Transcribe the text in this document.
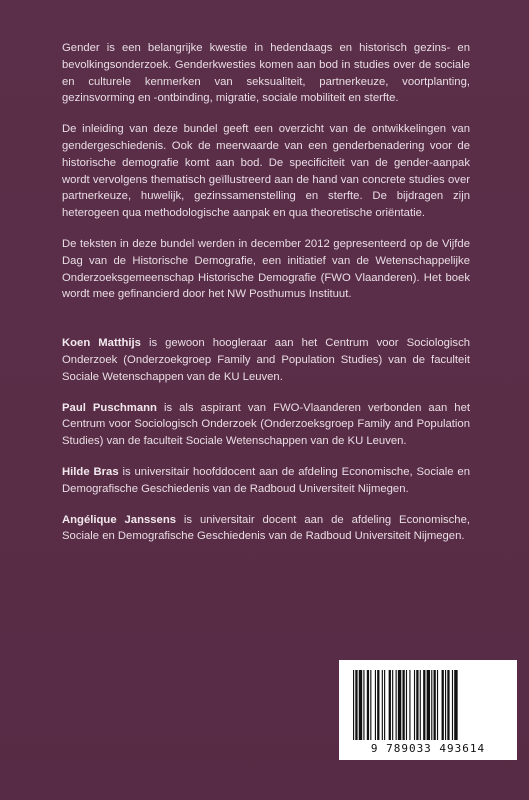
Gender is een belangrijke kwestie in hedendaags en historisch gezins- en bevolkingsonderzoek. Genderkwesties komen aan bod in studies over de sociale en culturele kenmerken van seksualiteit, partnerkeuze, voortplanting, gezinsvorming en -ontbinding, migratie, sociale mobiliteit en sterfte.

De inleiding van deze bundel geeft een overzicht van de ontwikkelingen van gendergeschiedenis. Ook de meerwaarde van een genderbenadering voor de historische demografie komt aan bod. De specificiteit van de gender-aanpak wordt vervolgens thematisch geïllustreerd aan de hand van concrete studies over partnerkeuze, huwelijk, gezinssamenstelling en sterfte. De bijdragen zijn heterogeen qua methodologische aanpak en qua theoretische oriëntatie.

De teksten in deze bundel werden in december 2012 gepresenteerd op de Vijfde Dag van de Historische Demografie, een initiatief van de Wetenschappelijke Onderzoeksgemeenschap Historische Demografie (FWO Vlaanderen). Het boek wordt mee gefinancierd door het NW Posthumus Instituut.

Koen Matthijs is gewoon hoogleraar aan het Centrum voor Sociologisch Onderzoek (Onderzoekgroep Family and Population Studies) van de faculteit Sociale Wetenschappen van de KU Leuven.

Paul Puschmann is als aspirant van FWO-Vlaanderen verbonden aan het Centrum voor Sociologisch Onderzoek (Onderzoeksgroep Family and Population Studies) van de faculteit Sociale Wetenschappen van de KU Leuven.

Hilde Bras is universitair hoofddocent aan de afdeling Economische, Sociale en Demografische Geschiedenis van de Radboud Universiteit Nijmegen.

Angélique Janssens is universitair docent aan de afdeling Economische, Sociale en Demografische Geschiedenis van de Radboud Universiteit Nijmegen.

9 789033 493614
